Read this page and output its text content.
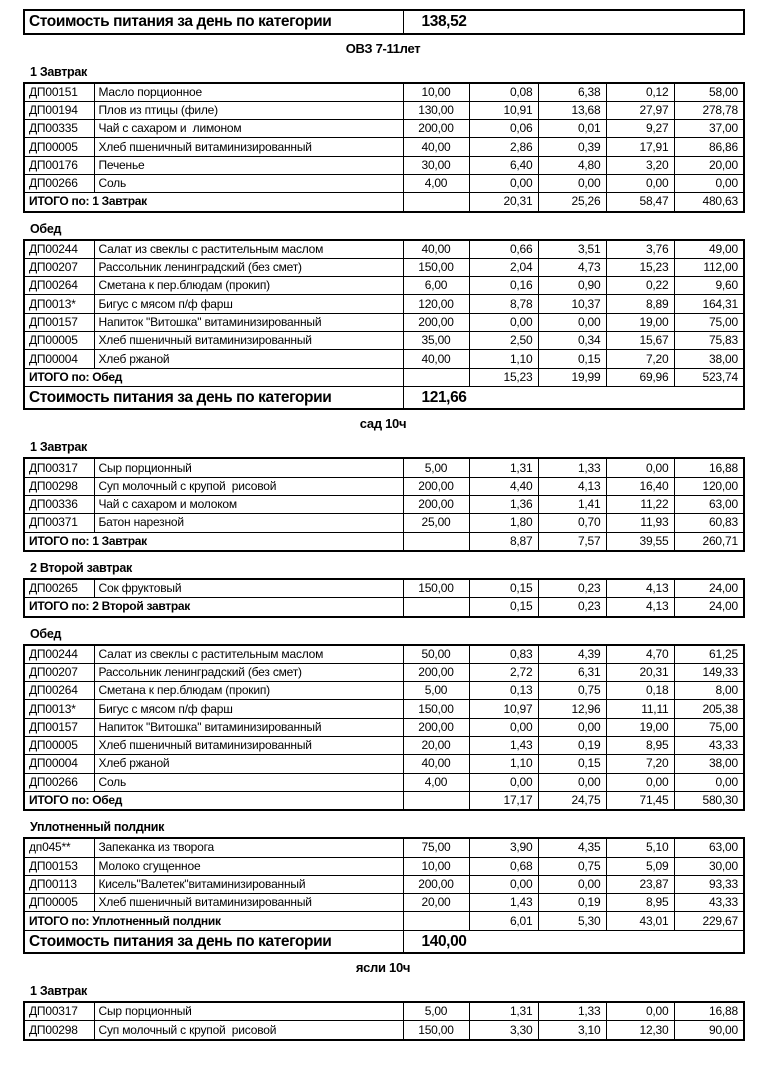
Стоимость питания за день по категории	138,52
ОВЗ 7-11лет
1 Завтрак
ДП00151	Масло порционное	10,00	0,08	6,38	0,12	58,00
ДП00194	Плов из птицы (филе)	130,00	10,91	13,68	27,97	278,78
ДП00335	Чай с сахаром и  лимоном	200,00	0,06	0,01	9,27	37,00
ДП00005	Хлеб пшеничный витаминизированный	40,00	2,86	0,39	17,91	86,86
ДП00176	Печенье	30,00	6,40	4,80	3,20	20,00
ДП00266	Соль	4,00	0,00	0,00	0,00	0,00
ИТОГО по: 1 Завтрак			20,31	25,26	58,47	480,63
Обед
ДП00244	Салат из свеклы с растительным маслом	40,00	0,66	3,51	3,76	49,00
ДП00207	Рассольник ленинградский (без смет)	150,00	2,04	4,73	15,23	112,00
ДП00264	Сметана к пер.блюдам (прокип)	6,00	0,16	0,90	0,22	9,60
ДП0013*	Бигус с мясом п/ф фарш	120,00	8,78	10,37	8,89	164,31
ДП00157	Напиток "Витошка" витаминизированный	200,00	0,00	0,00	19,00	75,00
ДП00005	Хлеб пшеничный витаминизированный	35,00	2,50	0,34	15,67	75,83
ДП00004	Хлеб ржаной	40,00	1,10	0,15	7,20	38,00
ИТОГО по: Обед			15,23	19,99	69,96	523,74
Стоимость питания за день по категории		121,66				
сад 10ч
1 Завтрак
ДП00317	Сыр порционный	5,00	1,31	1,33	0,00	16,88
ДП00298	Суп молочный с крупой  рисовой	200,00	4,40	4,13	16,40	120,00
ДП00336	Чай с сахаром и молоком	200,00	1,36	1,41	11,22	63,00
ДП00371	Батон нарезной	25,00	1,80	0,70	11,93	60,83
ИТОГО по: 1 Завтрак			8,87	7,57	39,55	260,71
2 Второй завтрак
ДП00265	Сок фруктовый	150,00	0,15	0,23	4,13	24,00
ИТОГО по: 2 Второй завтрак			0,15	0,23	4,13	24,00
Обед
ДП00244	Салат из свеклы с растительным маслом	50,00	0,83	4,39	4,70	61,25
ДП00207	Рассольник ленинградский (без смет)	200,00	2,72	6,31	20,31	149,33
ДП00264	Сметана к пер.блюдам (прокип)	5,00	0,13	0,75	0,18	8,00
ДП0013*	Бигус с мясом п/ф фарш	150,00	10,97	12,96	11,11	205,38
ДП00157	Напиток "Витошка" витаминизированный	200,00	0,00	0,00	19,00	75,00
ДП00005	Хлеб пшеничный витаминизированный	20,00	1,43	0,19	8,95	43,33
ДП00004	Хлеб ржаной	40,00	1,10	0,15	7,20	38,00
ДП00266	Соль	4,00	0,00	0,00	0,00	0,00
ИТОГО по: Обед			17,17	24,75	71,45	580,30
Уплотненный полдник
дп045**	Запеканка из творога	75,00	3,90	4,35	5,10	63,00
ДП00153	Молоко сгущенное	10,00	0,68	0,75	5,09	30,00
ДП00113	Кисель"Валетек"витаминизированный	200,00	0,00	0,00	23,87	93,33
ДП00005	Хлеб пшеничный витаминизированный	20,00	1,43	0,19	8,95	43,33
ИТОГО по: Уплотненный полдник			6,01	5,30	43,01	229,67
Стоимость питания за день по категории		140,00				
ясли 10ч
1 Завтрак
ДП00317	Сыр порционный	5,00	1,31	1,33	0,00	16,88
ДП00298	Суп молочный с крупой  рисовой	150,00	3,30	3,10	12,30	90,00
